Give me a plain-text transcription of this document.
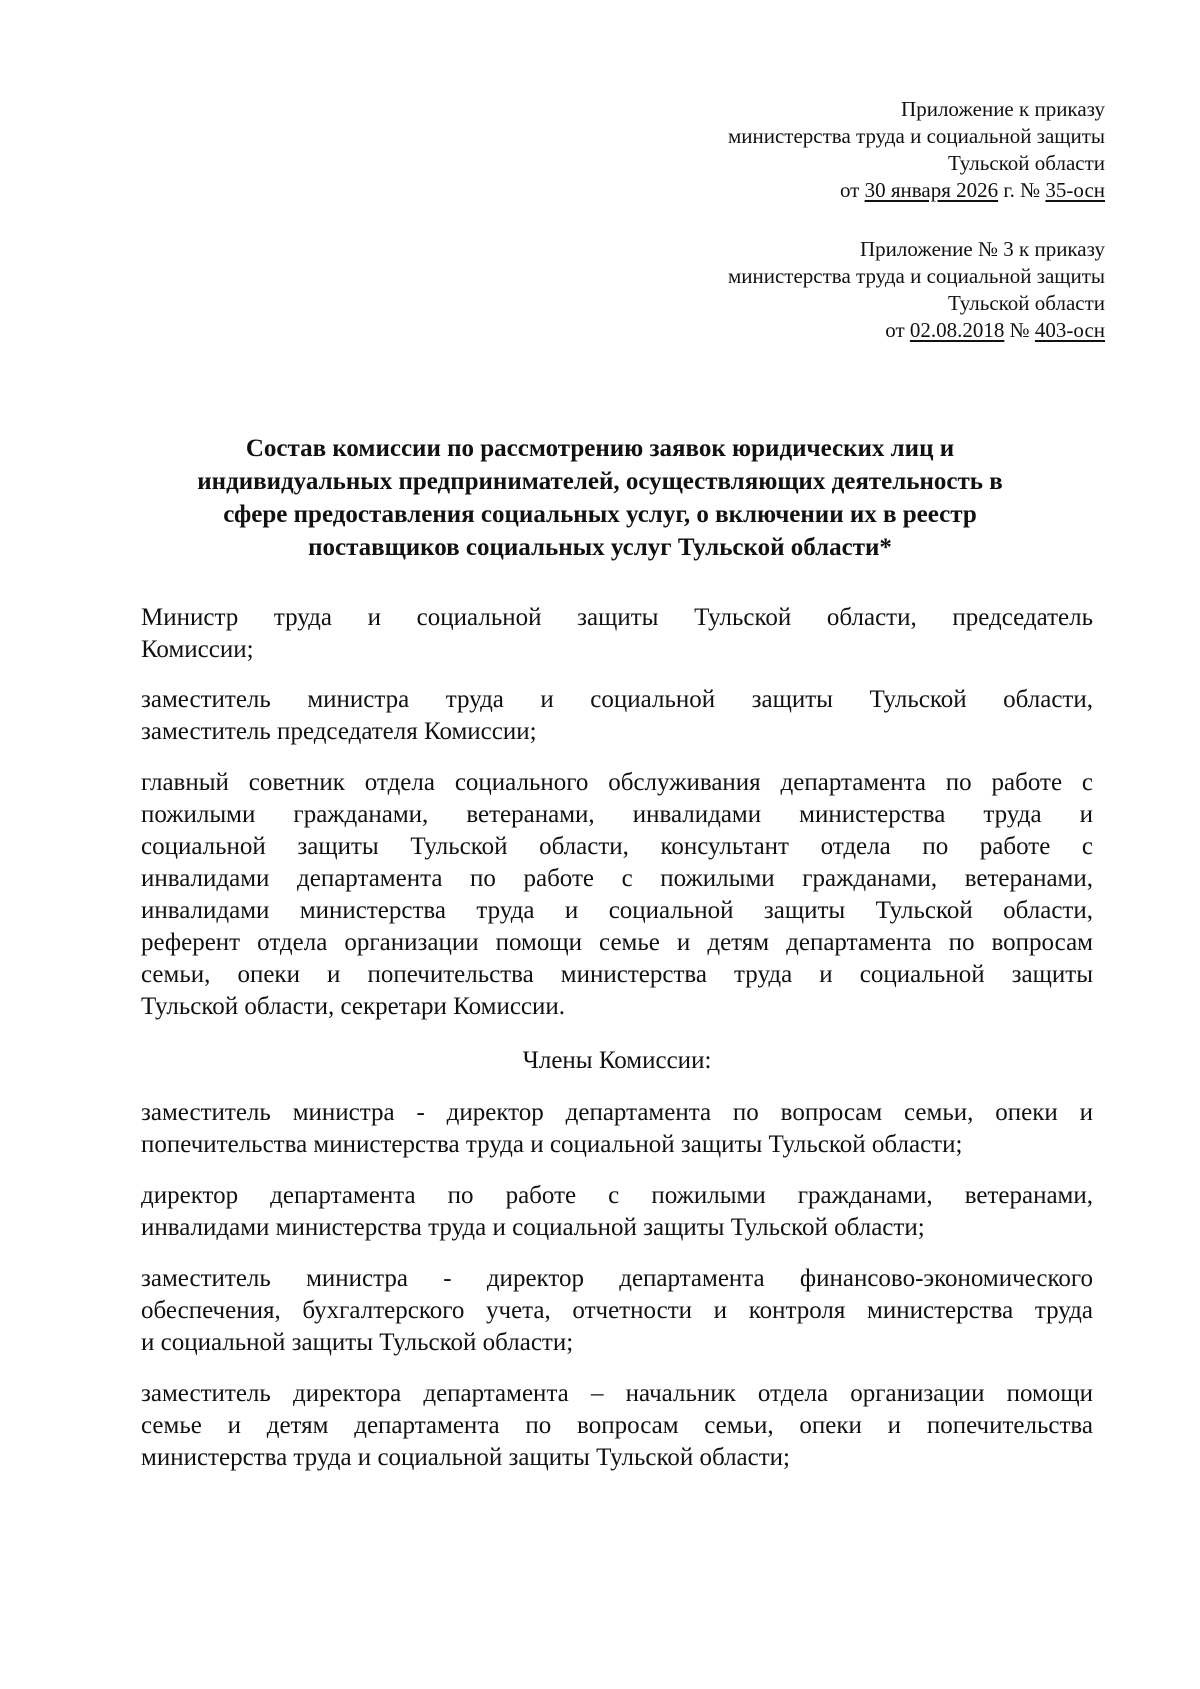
Приложение к приказу
министерства труда и социальной защиты
Тульской области
от 30 января 2026 г. № 35-осн
Приложение № 3 к приказу
министерства труда и социальной защиты
Тульской области
от 02.08.2018 № 403-осн
Состав комиссии по рассмотрению заявок юридических лиц и
индивидуальных предпринимателей, осуществляющих деятельность в
сфере предоставления социальных услуг, о включении их в реестр
поставщиков социальных услуг Тульской области*
Министр труда и социальной защиты Тульской области, председатель
Комиссии;
заместитель министра труда и социальной защиты Тульской области,
заместитель председателя Комиссии;
главный советник отдела социального обслуживания департамента по работе с
пожилыми гражданами, ветеранами, инвалидами министерства труда и
социальной защиты Тульской области, консультант отдела по работе с
инвалидами департамента по работе с пожилыми гражданами, ветеранами,
инвалидами министерства труда и социальной защиты Тульской области,
референт отдела организации помощи семье и детям департамента по вопросам
семьи, опеки и попечительства министерства труда и социальной защиты
Тульской области, секретари Комиссии.
Члены Комиссии:
заместитель министра - директор департамента по вопросам семьи, опеки и
попечительства министерства труда и социальной защиты Тульской области;
директор департамента по работе с пожилыми гражданами, ветеранами,
инвалидами министерства труда и социальной защиты Тульской области;
заместитель министра - директор департамента финансово-экономического
обеспечения, бухгалтерского учета, отчетности и контроля министерства труда
и социальной защиты Тульской области;
заместитель директора департамента – начальник отдела организации помощи
семье и детям департамента по вопросам семьи, опеки и попечительства
министерства труда и социальной защиты Тульской области;
